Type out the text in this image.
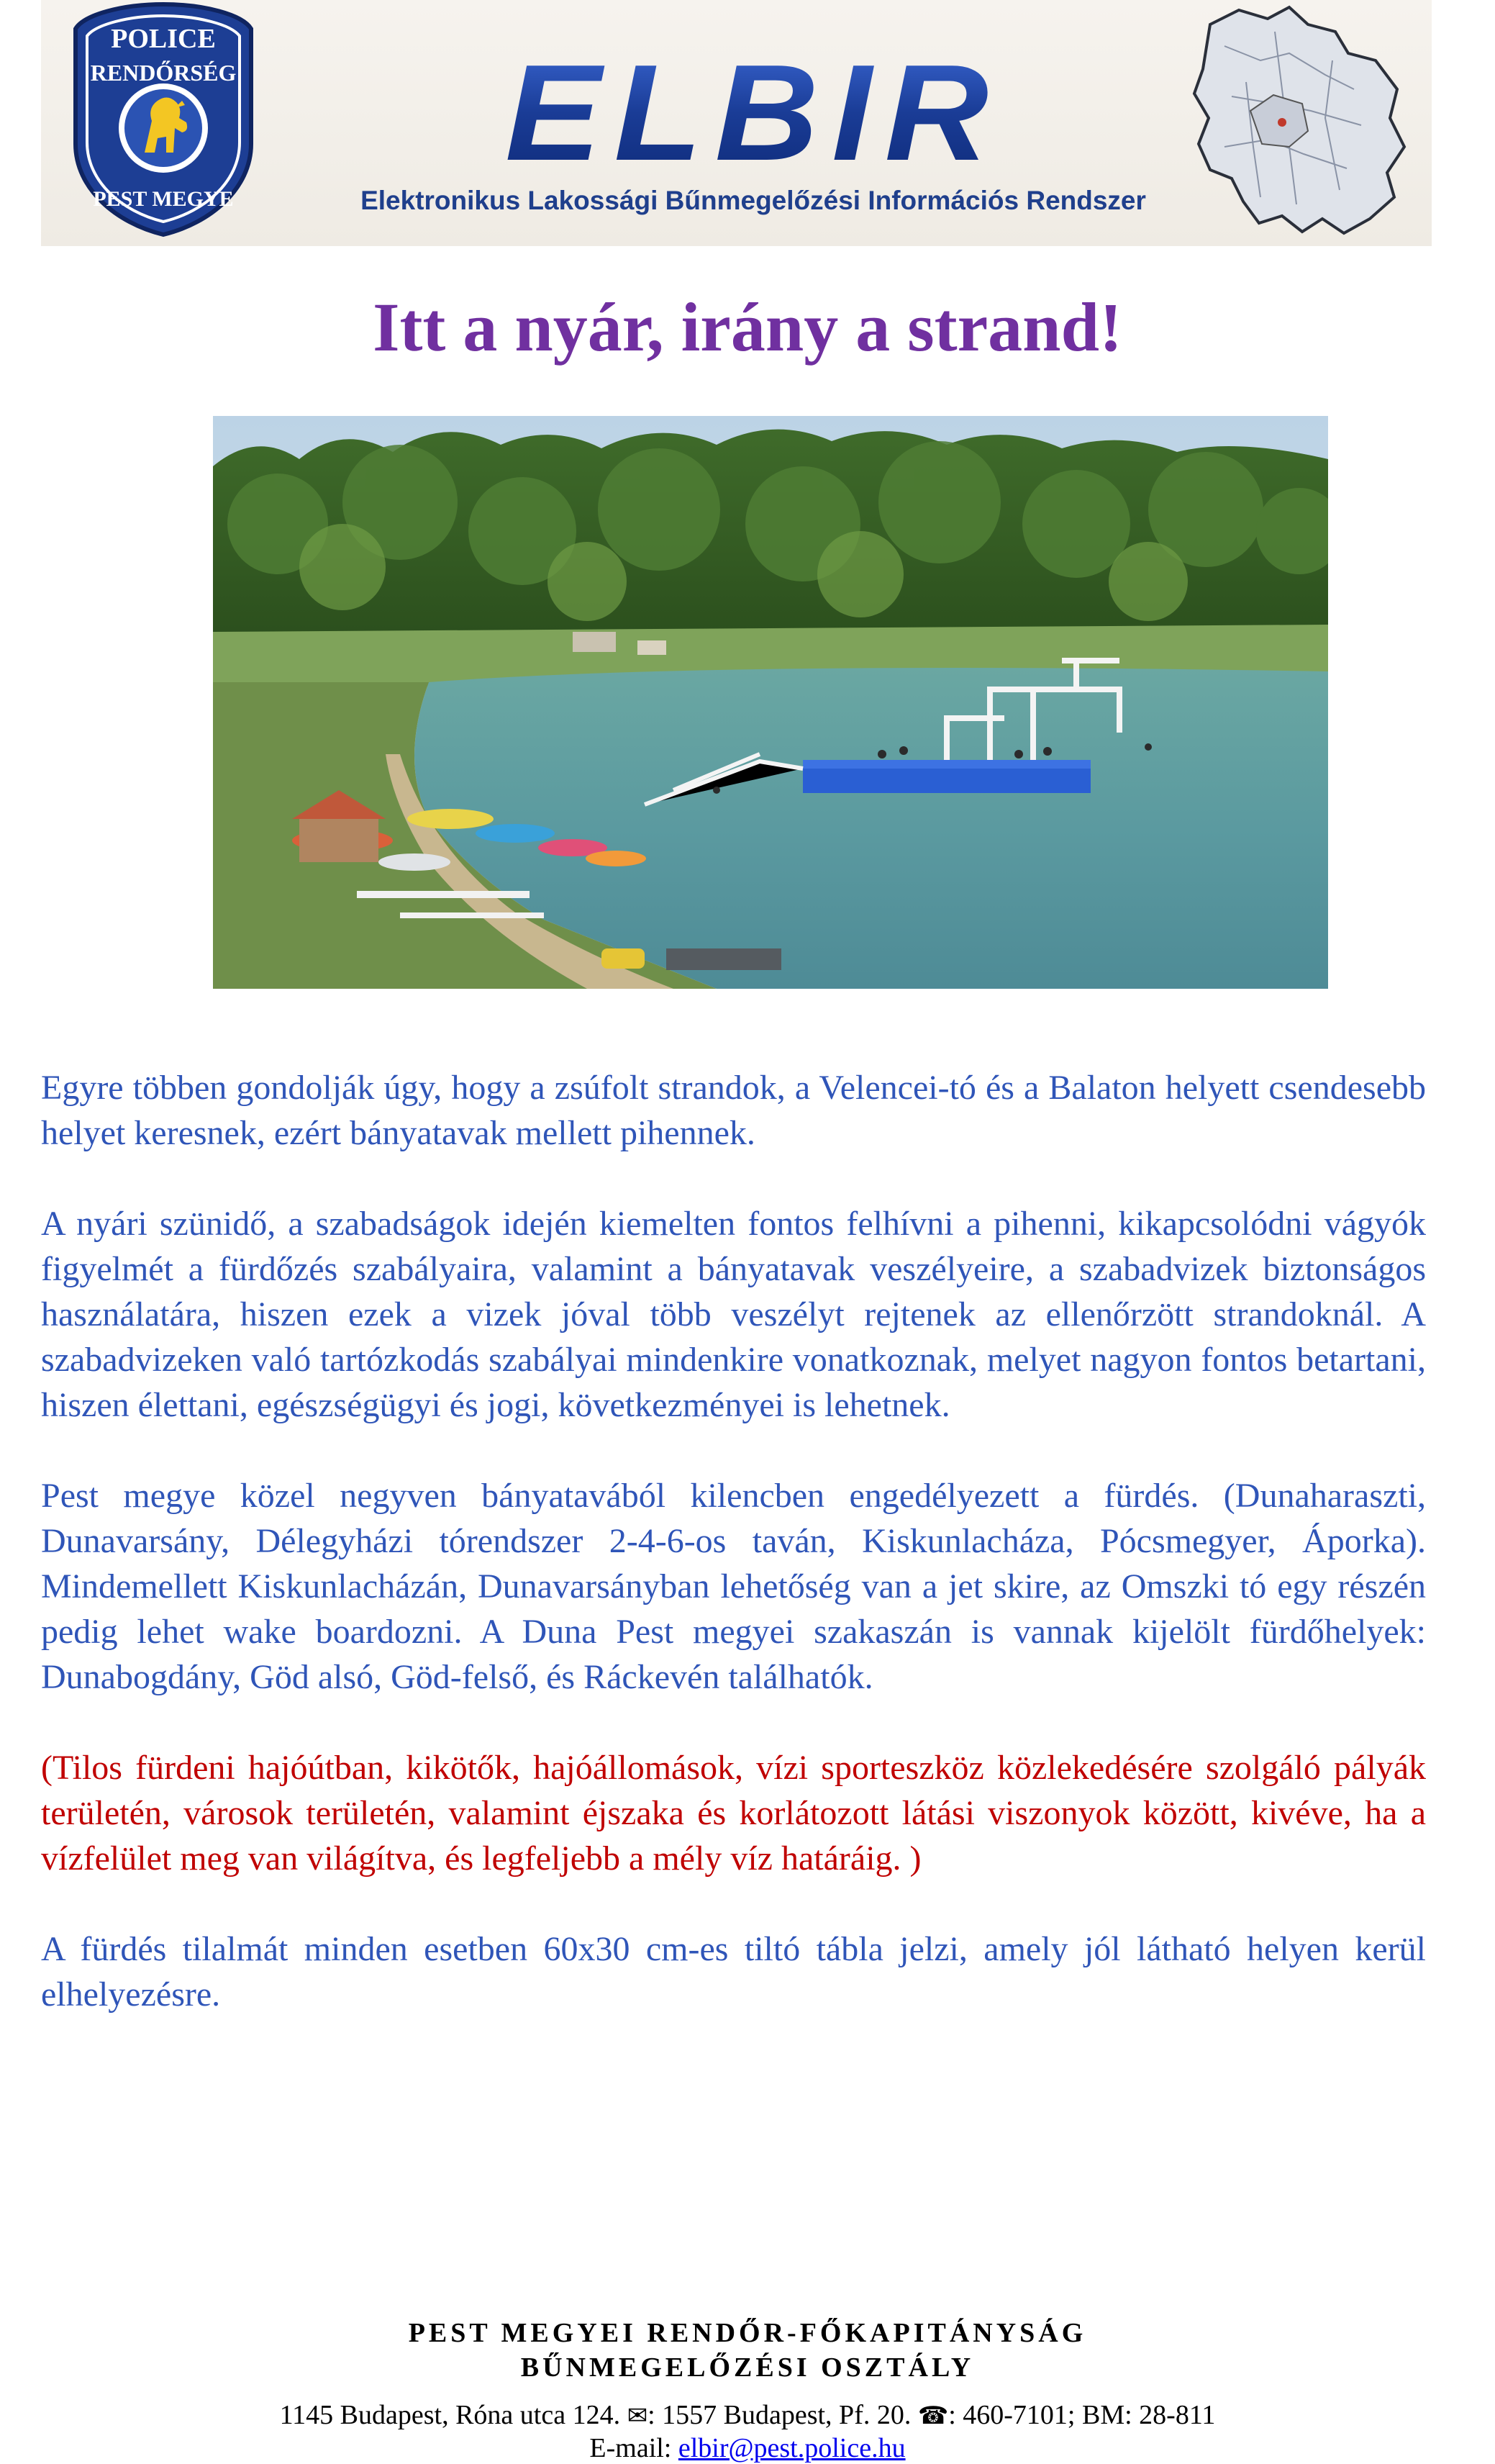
POLICE
RENDŐRSÉG
PEST MEGYE
ELBIR
Elektronikus Lakossági Bűnmegelőzési Információs Rendszer
Itt a nyár, irány a strand!

Egyre többen gondolják úgy, hogy a zsúfolt strandok, a Velencei-tó és a Balaton helyett csendesebb helyet keresnek, ezért bányatavak mellett pihennek.

A nyári szünidő, a szabadságok idején kiemelten fontos felhívni a pihenni, kikapcsolódni vágyók figyelmét a fürdőzés szabályaira, valamint a bányatavak veszélyeire, a szabadvizek biztonságos használatára, hiszen ezek a vizek jóval több veszélyt rejtenek az ellenőrzött strandoknál. A szabadvizeken való tartózkodás szabályai mindenkire vonatkoznak, melyet nagyon fontos betartani, hiszen élettani, egészségügyi és jogi, következményei is lehetnek.

Pest megye közel negyven bányatavából kilencben engedélyezett a fürdés. (Dunaharaszti, Dunavarsány, Délegyházi tórendszer 2-4-6-os taván, Kiskunlacháza, Pócsmegyer, Áporka). Mindemellett Kiskunlacházán, Dunavarsányban lehetőség van a jet skire, az Omszki tó egy részén pedig lehet wake boardozni. A Duna Pest megyei szakaszán is vannak kijelölt fürdőhelyek: Dunabogdány, Göd alsó, Göd-felső, és Ráckevén találhatók.

(Tilos fürdeni hajóútban, kikötők, hajóállomások, vízi sporteszköz közlekedésére szolgáló pályák területén, városok területén, valamint éjszaka és korlátozott látási viszonyok között, kivéve, ha a vízfelület meg van világítva, és legfeljebb a mély víz határáig. )

A fürdés tilalmát minden esetben 60x30 cm-es tiltó tábla jelzi, amely jól látható helyen kerül elhelyezésre.

PEST MEGYEI RENDŐR-FŐKAPITÁNYSÁG
BŰNMEGELŐZÉSI OSZTÁLY
1145 Budapest, Róna utca 124. ✉: 1557 Budapest, Pf. 20. ☎: 460-7101; BM: 28-811
E-mail: elbir@pest.police.hu
